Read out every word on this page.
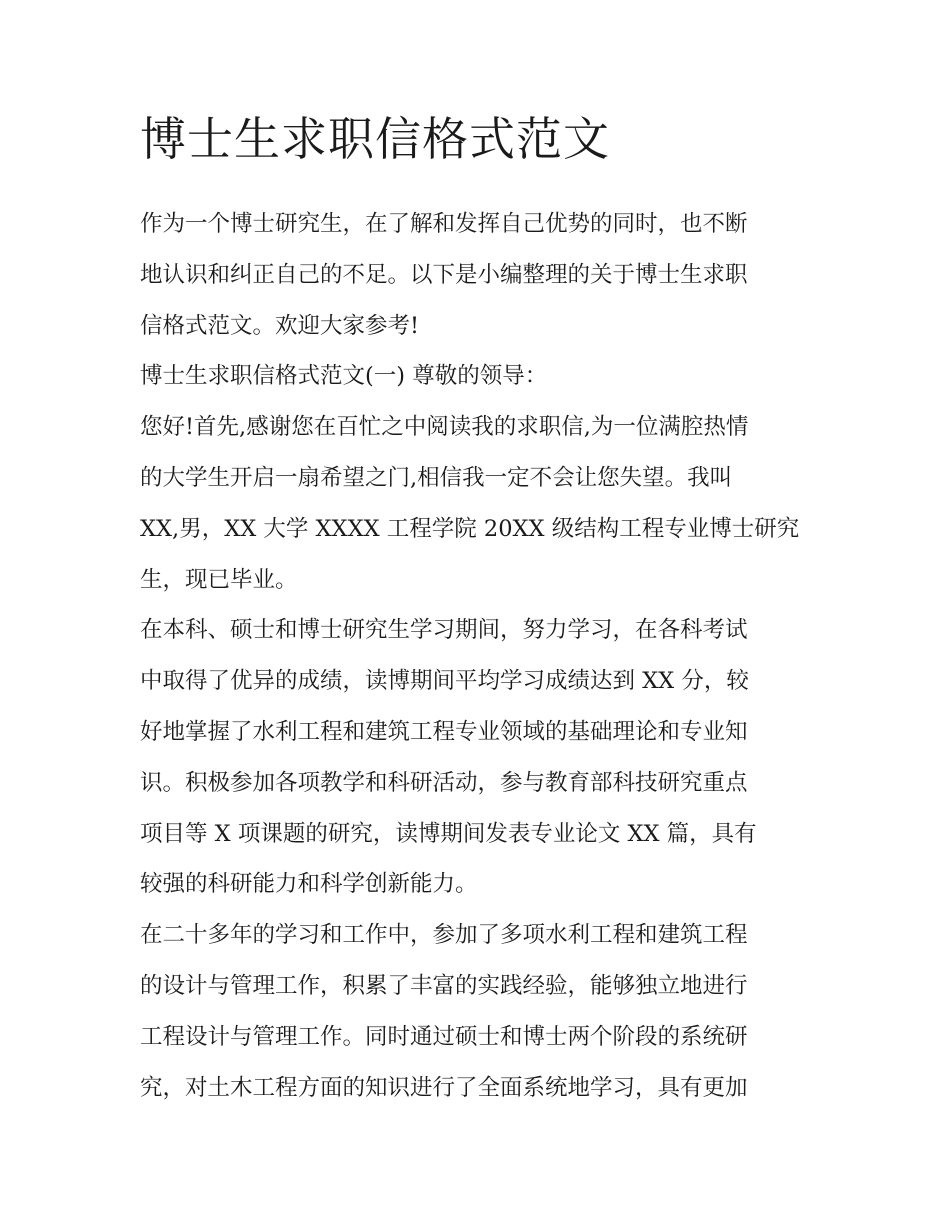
博士生求职信格式范文
作为一个博士研究生，在了解和发挥自己优势的同时，也不断
地认识和纠正自己的不足。以下是小编整理的关于博士生求职
信格式范文。欢迎大家参考!
博士生求职信格式范文(一) 尊敬的领导：
您好!首先,感谢您在百忙之中阅读我的求职信,为一位满腔热情
的大学生开启一扇希望之门,相信我一定不会让您失望。我叫
XX,男，XX 大学 XXXX 工程学院 20XX 级结构工程专业博士研究
生，现已毕业。
在本科、硕士和博士研究生学习期间，努力学习，在各科考试
中取得了优异的成绩，读博期间平均学习成绩达到 XX 分，较
好地掌握了水利工程和建筑工程专业领域的基础理论和专业知
识。积极参加各项教学和科研活动，参与教育部科技研究重点
项目等 X 项课题的研究，读博期间发表专业论文 XX 篇，具有
较强的科研能力和科学创新能力。
在二十多年的学习和工作中，参加了多项水利工程和建筑工程
的设计与管理工作，积累了丰富的实践经验，能够独立地进行
工程设计与管理工作。同时通过硕士和博士两个阶段的系统研
究，对土木工程方面的知识进行了全面系统地学习，具有更加
